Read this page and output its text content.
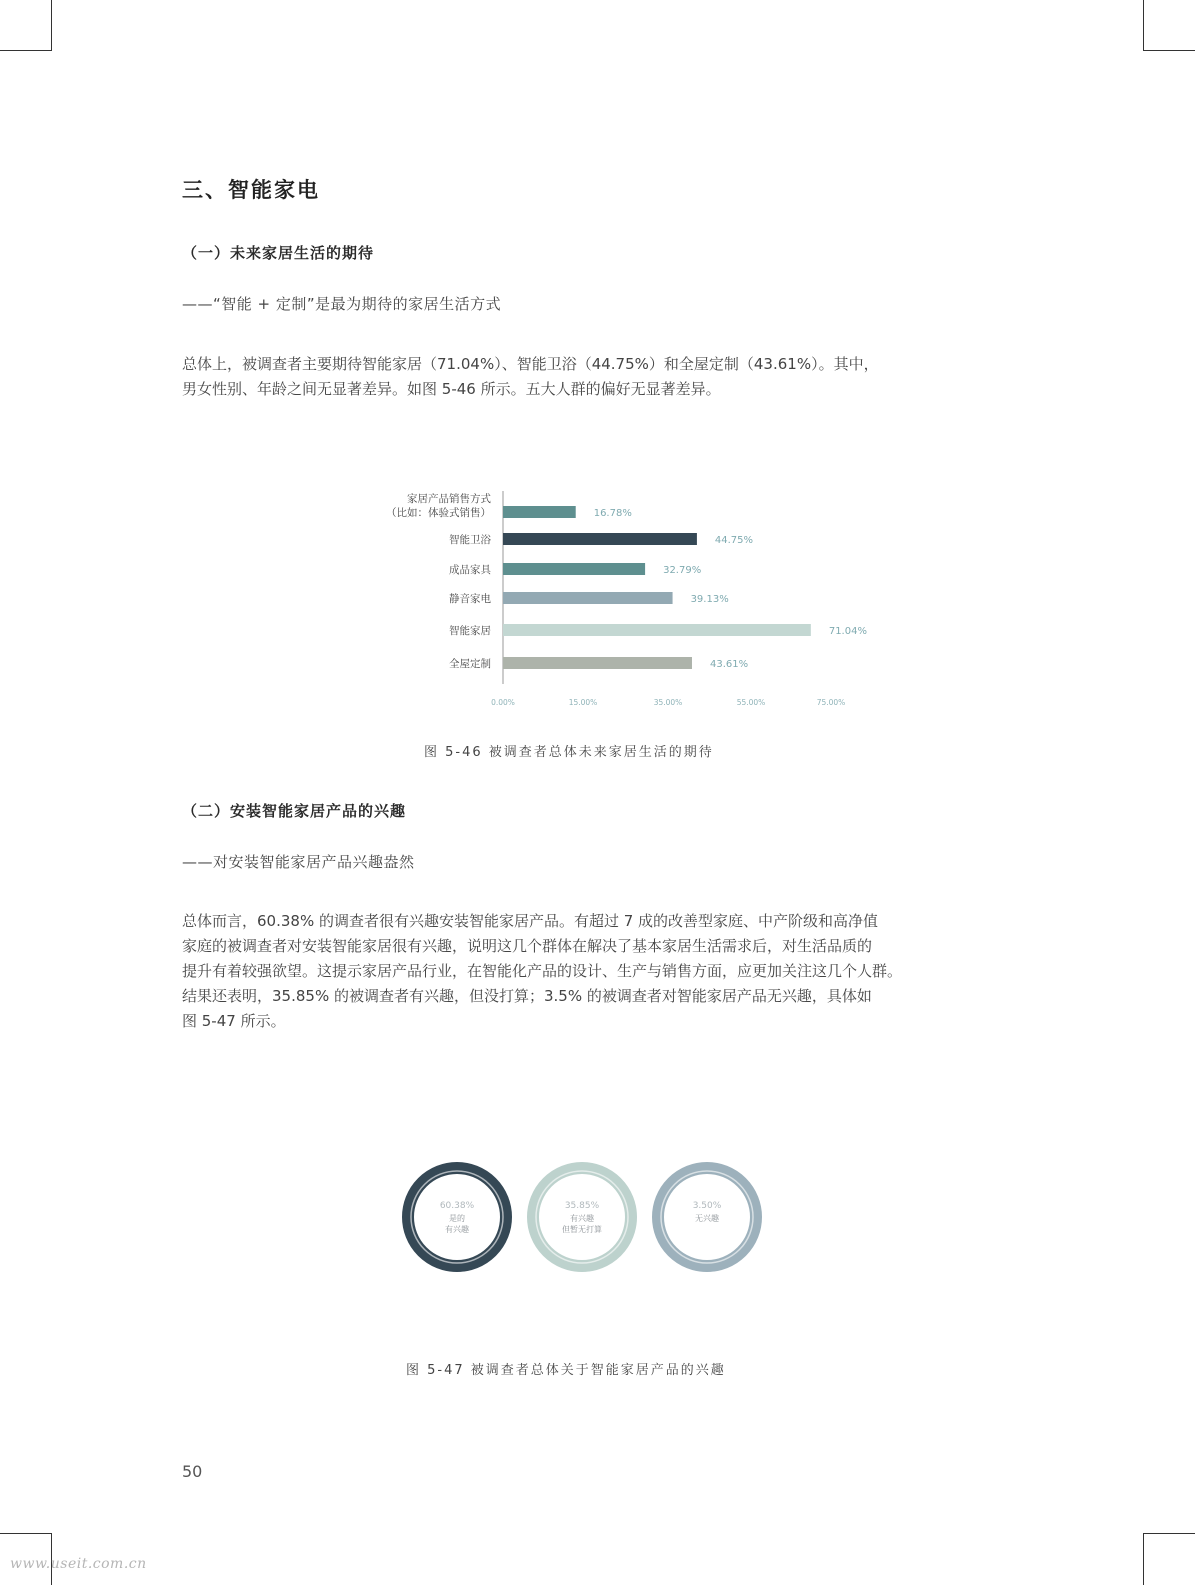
三、智能家电
（一）未来家居生活的期待
——“智能 + 定制”是最为期待的家居生活方式

总体上，被调查者主要期待智能家居（71.04%）、智能卫浴（44.75%）和全屋定制（43.61%）。其中，

男女性别、年龄之间无显著差异。如图 5-46 所示。五大人群的偏好无显著差异。

16.78%
家居产品销售方式
（比如：体验式销售）
44.75%
智能卫浴
32.79%
成品家具
39.13%
静音家电
71.04%
智能家居
43.61%
全屋定制
0.00%	15.00%	35.00%	55.00%	75.00%
图 5-46 被调查者总体未来家居生活的期待
（二）安装智能家居产品的兴趣
——对安装智能家居产品兴趣盎然

总体而言，60.38% 的调查者很有兴趣安装智能家居产品。有超过 7 成的改善型家庭、中产阶级和高净值

家庭的被调查者对安装智能家居很有兴趣，说明这几个群体在解决了基本家居生活需求后，对生活品质的

提升有着较强欲望。这提示家居产品行业，在智能化产品的设计、生产与销售方面，应更加关注这几个人群。

结果还表明，35.85% 的被调查者有兴趣，但没打算；3.5% 的被调查者对智能家居产品无兴趣，具体如

图 5-47 所示。

60.38%
是的
有兴趣
35.85%
有兴趣
但暂无打算
3.50%
无兴趣
图 5-47 被调查者总体关于智能家居产品的兴趣
50
www.useit.com.cn
